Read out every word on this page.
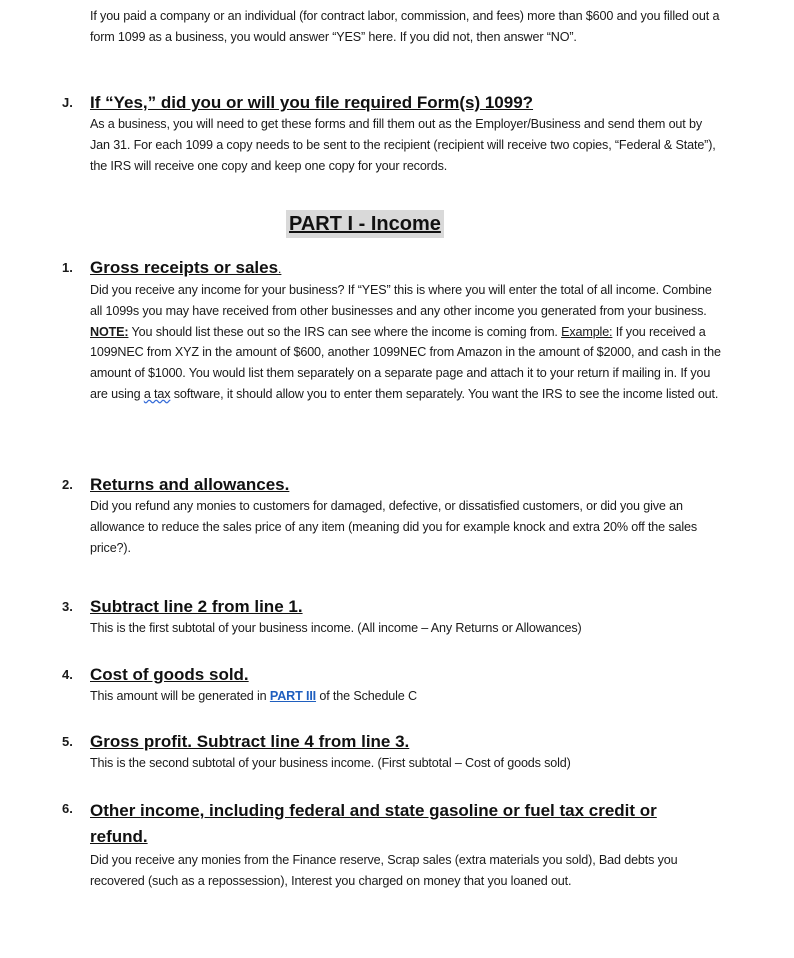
If you paid a company or an individual (for contract labor, commission, and fees) more than $600 and you filled out a form 1099 as a business, you would answer “YES” here. If you did not, then answer “NO”.
J. If “Yes,” did you or will you file required Form(s) 1099?
As a business, you will need to get these forms and fill them out as the Employer/Business and send them out by Jan 31. For each 1099 a copy needs to be sent to the recipient (recipient will receive two copies, “Federal & State”), the IRS will receive one copy and keep one copy for your records.
PART I - Income
1. Gross receipts or sales.
Did you receive any income for your business? If “YES” this is where you will enter the total of all income. Combine all 1099s you may have received from other businesses and any other income you generated from your business. NOTE: You should list these out so the IRS can see where the income is coming from. Example: If you received a 1099NEC from XYZ in the amount of $600, another 1099NEC from Amazon in the amount of $2000, and cash in the amount of $1000. You would list them separately on a separate page and attach it to your return if mailing in. If you are using a tax software, it should allow you to enter them separately. You want the IRS to see the income listed out.
2. Returns and allowances.
Did you refund any monies to customers for damaged, defective, or dissatisfied customers, or did you give an allowance to reduce the sales price of any item (meaning did you for example knock and extra 20% off the sales price?).
3. Subtract line 2 from line 1.
This is the first subtotal of your business income. (All income – Any Returns or Allowances)
4. Cost of goods sold.
This amount will be generated in PART III of the Schedule C
5. Gross profit. Subtract line 4 from line 3.
This is the second subtotal of your business income. (First subtotal – Cost of goods sold)
6. Other income, including federal and state gasoline or fuel tax credit or refund.
Did you receive any monies from the Finance reserve, Scrap sales (extra materials you sold), Bad debts you recovered (such as a repossession), Interest you charged on money that you loaned out.
